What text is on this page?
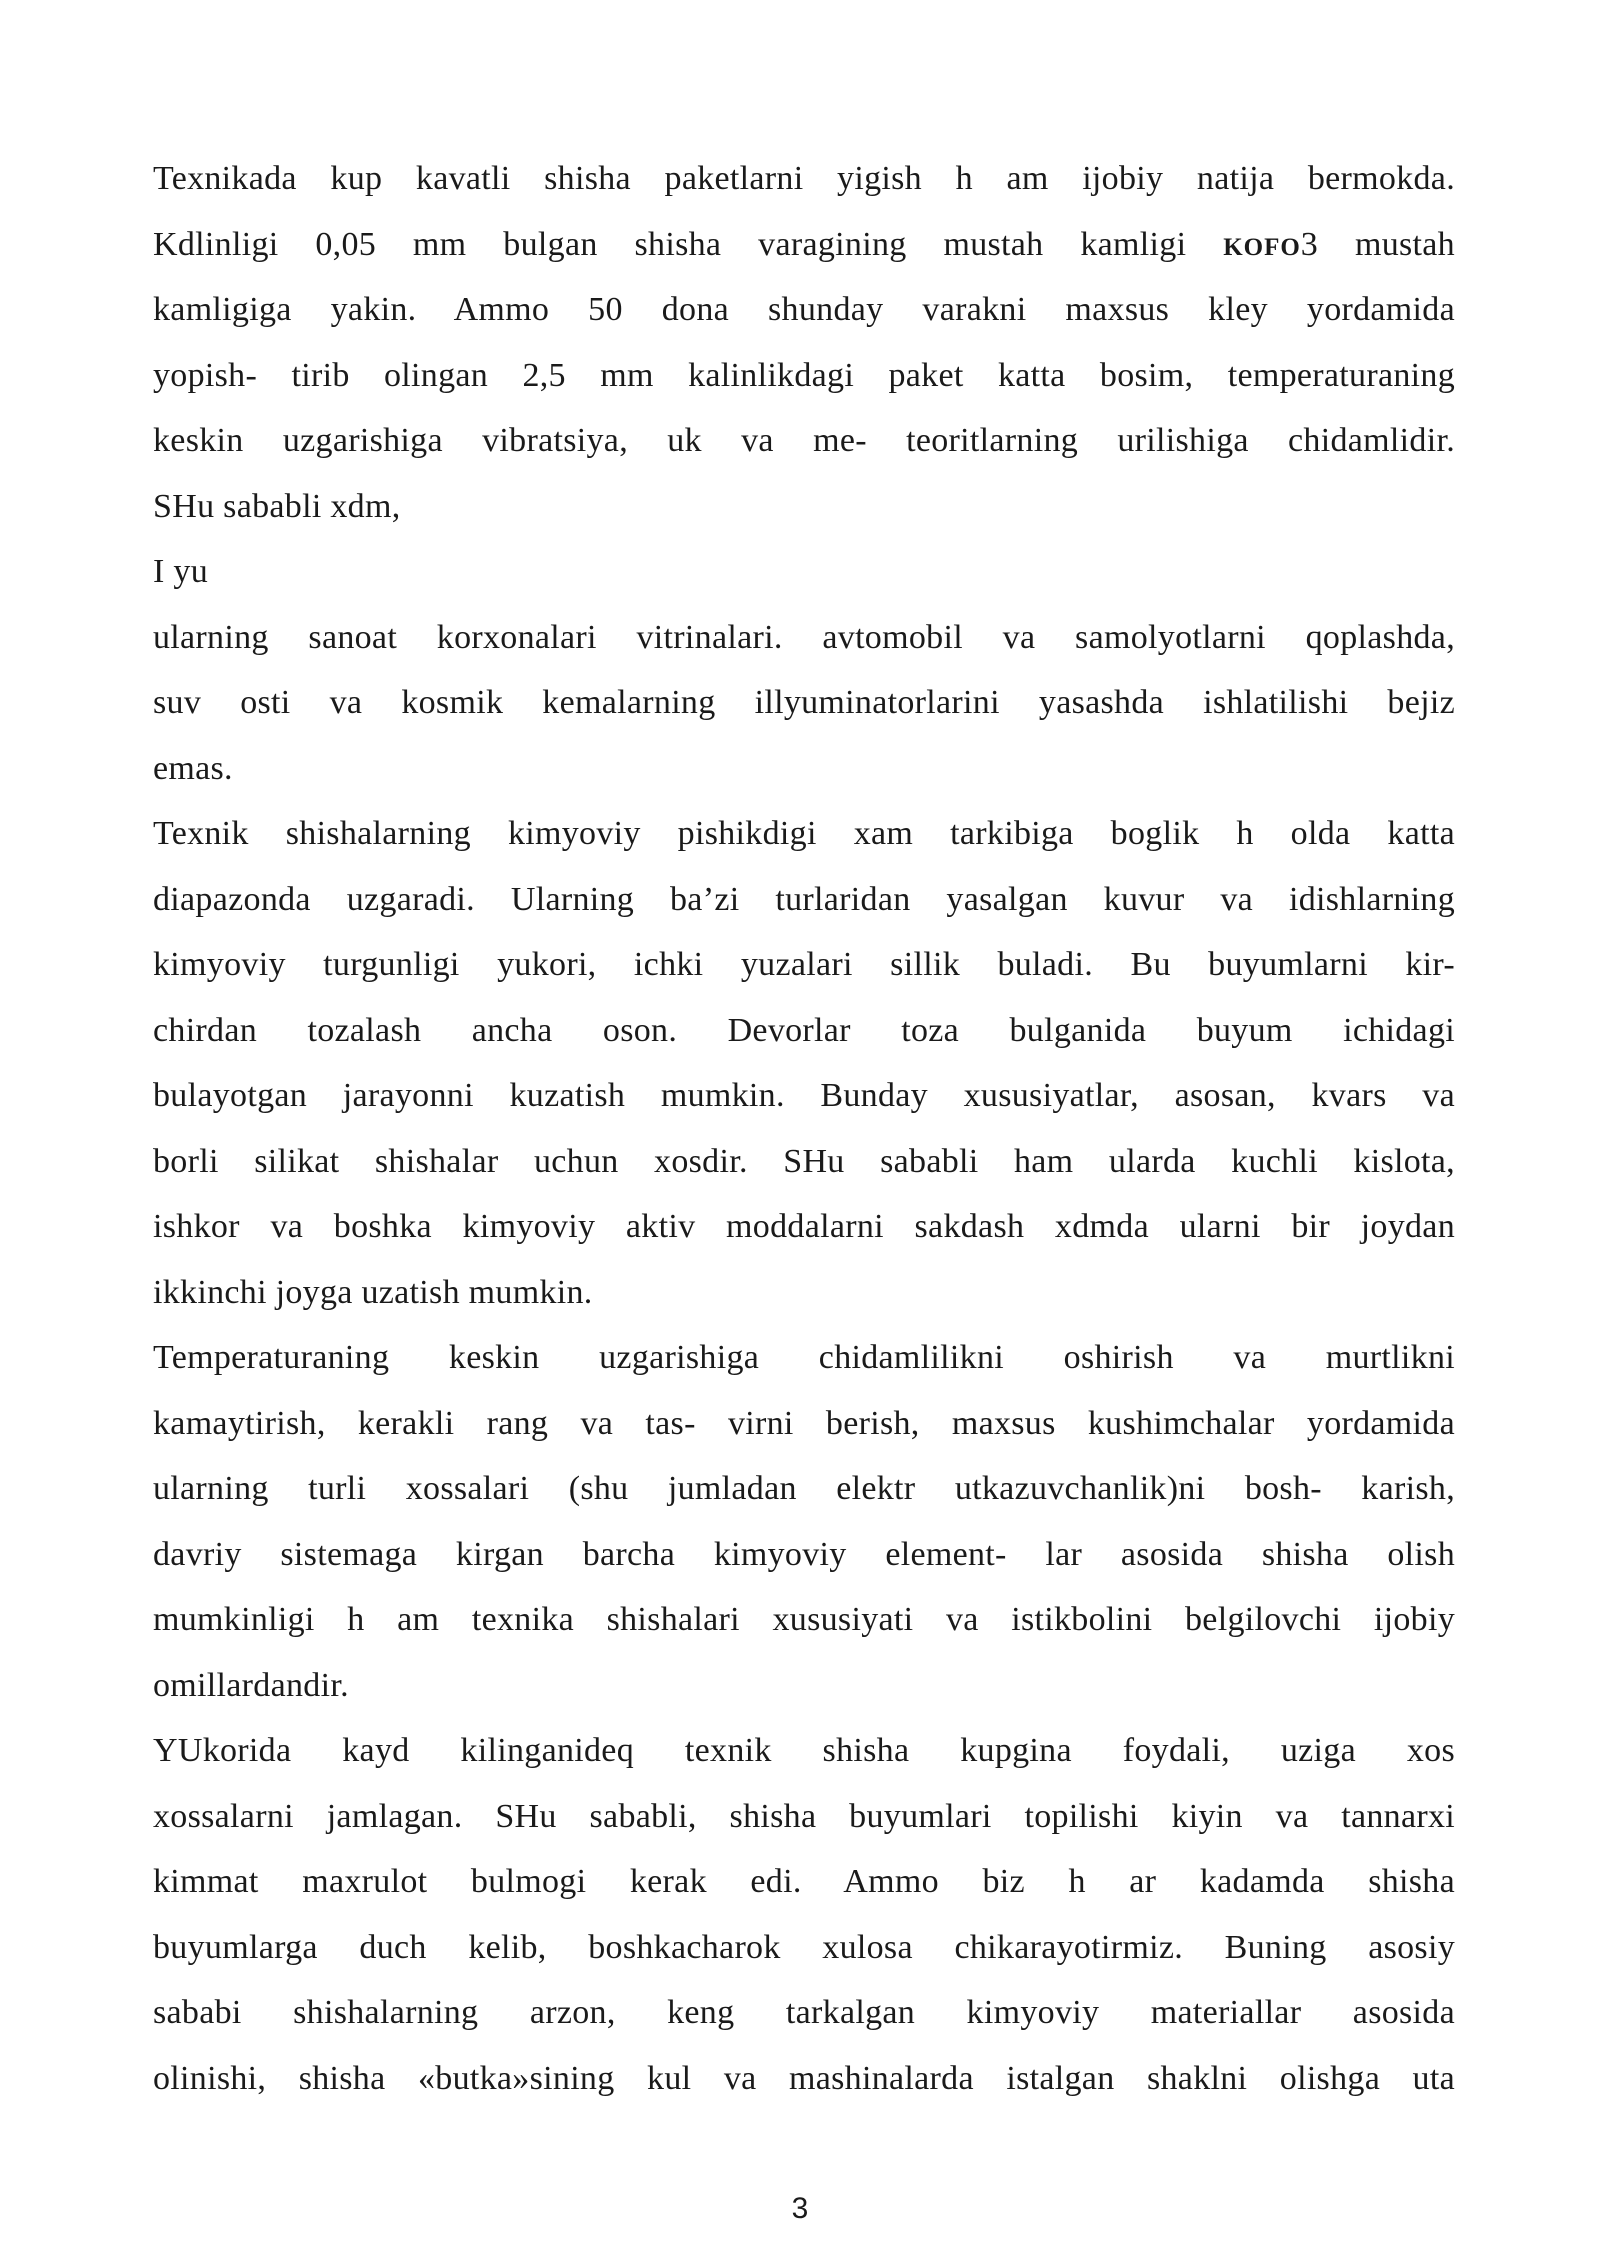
Texnikada kup kavatli shisha paketlarni yigish h am ijobiy natija bermokda.
Kdlinligi 0,05 mm bulgan shisha varagining mustah kamligi KOFO3 mustah
kamligiga yakin. Ammo 50 dona shunday varakni maxsus kley yordamida
yopish- tirib olingan 2,5 mm kalinlikdagi paket katta bosim, temperaturaning
keskin uzgarishiga vibratsiya, uk va me- teoritlarning urilishiga chidamlidir.
SHu sababli xdm,
I yu
ularning sanoat korxonalari vitrinalari. avtomobil va samolyotlarni qoplashda,
suv osti va kosmik kemalarning illyuminatorlarini yasashda ishlatilishi bejiz
emas.
Texnik shishalarning kimyoviy pishikdigi xam tarkibiga boglik h olda katta
diapazonda uzgaradi. Ularning ba’zi turlaridan yasalgan kuvur va idishlarning
kimyoviy turgunligi yukori, ichki yuzalari sillik buladi. Bu buyumlarni kir-
chirdan tozalash ancha oson. Devorlar toza bulganida buyum ichidagi
bulayotgan jarayonni kuzatish mumkin. Bunday xususiyatlar, asosan, kvars va
borli silikat shishalar uchun xosdir. SHu sababli ham ularda kuchli kislota,
ishkor va boshka kimyoviy aktiv moddalarni sakdash xdmda ularni bir joydan
ikkinchi joyga uzatish mumkin.
Temperaturaning keskin uzgarishiga chidamlilikni oshirish va murtlikni
kamaytirish, kerakli rang va tas- virni berish, maxsus kushimchalar yordamida
ularning turli xossalari (shu jumladan elektr utkazuvchanlik)ni bosh- karish,
davriy sistemaga kirgan barcha kimyoviy element- lar asosida shisha olish
mumkinligi h am texnika shishalari xususiyati va istikbolini belgilovchi ijobiy
omillardandir.
YUkorida kayd kilinganideq texnik shisha kupgina foydali, uziga xos
xossalarni jamlagan. SHu sababli, shisha buyumlari topilishi kiyin va tannarxi
kimmat maxrulot bulmogi kerak edi. Ammo biz h ar kadamda shisha
buyumlarga duch kelib, boshkacharok xulosa chikarayotirmiz. Buning asosiy
sababi shishalarning arzon, keng tarkalgan kimyoviy materiallar asosida
olinishi, shisha «butka»sining kul va mashinalarda istalgan shaklni olishga uta
3
